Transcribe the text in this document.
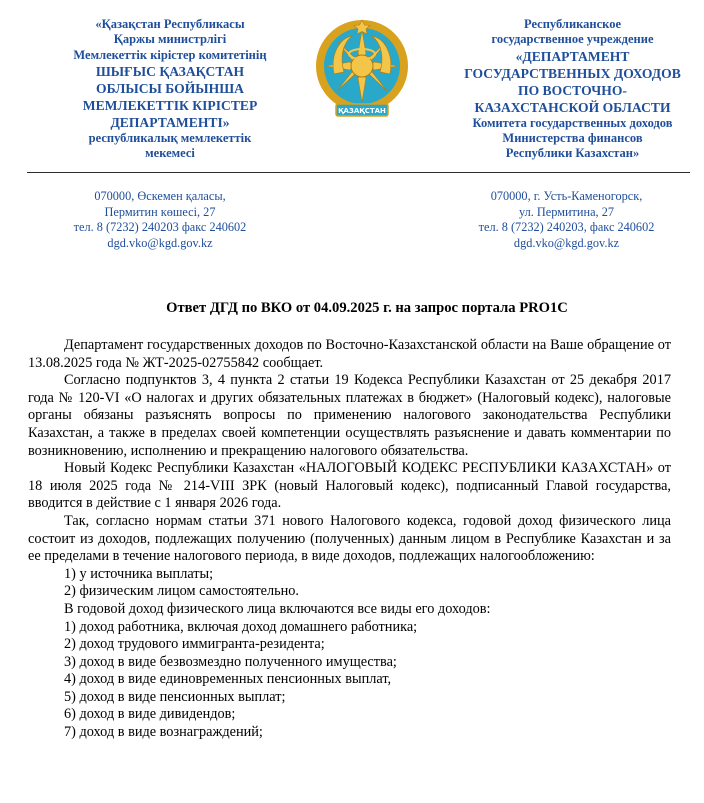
«Қазақстан Республикасы
Қаржы министрлігі
Мемлекеттік кірістер комитетінің
ШЫҒЫС ҚАЗАҚСТАН
ОБЛЫСЫ БОЙЫНША
МЕМЛЕКЕТТІК КІРІСТЕР
ДЕПАРТАМЕНТІ»
республикалық мемлекеттік
мекемесі
ҚАЗАҚСТАН
Республиканское
государственное учреждение
«ДЕПАРТАМЕНТ
ГОСУДАРСТВЕННЫХ ДОХОДОВ
ПО ВОСТОЧНО-
КАЗАХСТАНСКОЙ ОБЛАСТИ
Комитета государственных доходов
Министерства финансов
Республики Казахстан»
070000, Өскемен қаласы,
Пермитин көшесі, 27
тел. 8 (7232) 240203 факс 240602
dgd.vko@kgd.gov.kz
070000, г. Усть-Каменогорск,
ул. Пермитина, 27
тел. 8 (7232) 240203, факс 240602
dgd.vko@kgd.gov.kz
Ответ ДГД по ВКО от 04.09.2025 г. на запрос портала PRO1C

Департамент государственных доходов по Восточно-Казахстанской области на Ваше обращение от 13.08.2025 года № ЖТ-2025-02755842 сообщает.

Согласно подпунктов 3, 4 пункта 2 статьи 19 Кодекса Республики Казахстан от 25 декабря 2017 года № 120-VI «О налогах и других обязательных платежах в бюджет» (Налоговый кодекс), налоговые органы обязаны разъяснять вопросы по применению налогового законодательства Республики Казахстан, а также в пределах своей компетенции осуществлять разъяснение и давать комментарии по возникновению, исполнению и прекращению налогового обязательства.

Новый Кодекс Республики Казахстан «НАЛОГОВЫЙ КОДЕКС РЕСПУБЛИКИ КАЗАХСТАН» от 18 июля 2025 года № 214-VIII ЗРК (новый Налоговый кодекс), подписанный Главой государства, вводится в действие с 1 января 2026 года.

Так, согласно нормам статьи 371 нового Налогового кодекса, годовой доход физического лица состоит из доходов, подлежащих получению (полученных) данным лицом в Республике Казахстан и за ее пределами в течение налогового периода, в виде доходов, подлежащих налогообложению:

1) у источника выплаты;

2) физическим лицом самостоятельно.

В годовой доход физического лица включаются все виды его доходов:

1) доход работника, включая доход домашнего работника;

2) доход трудового иммигранта-резидента;

3) доход в виде безвозмездно полученного имущества;

4) доход в виде единовременных пенсионных выплат,

5) доход в виде пенсионных выплат;

6) доход в виде дивидендов;

7) доход в виде вознаграждений;
